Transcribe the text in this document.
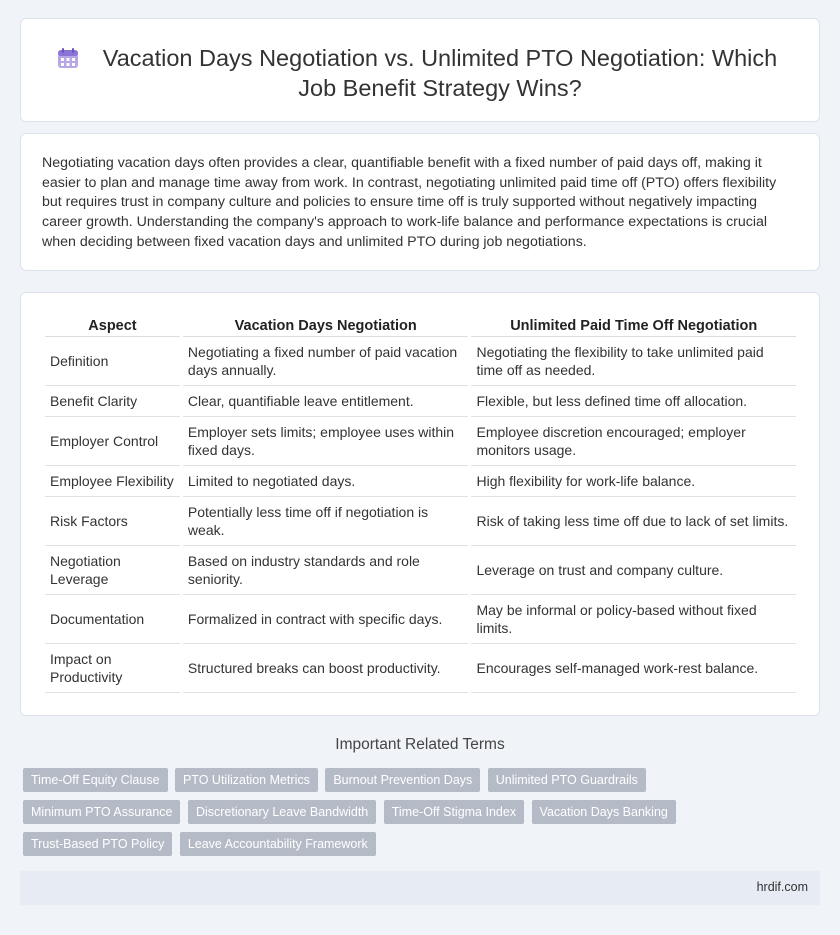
Vacation Days Negotiation vs. Unlimited PTO Negotiation: Which Job Benefit Strategy Wins?

Negotiating vacation days often provides a clear, quantifiable benefit with a fixed number of paid days off, making it easier to plan and manage time away from work. In contrast, negotiating unlimited paid time off (PTO) offers flexibility but requires trust in company culture and policies to ensure time off is truly supported without negatively impacting career growth. Understanding the company's approach to work-life balance and performance expectations is crucial when deciding between fixed vacation days and unlimited PTO during job negotiations.

Aspect	Vacation Days Negotiation	Unlimited Paid Time Off Negotiation
Definition	Negotiating a fixed number of paid vacation days annually.	Negotiating the flexibility to take unlimited paid time off as needed.
Benefit Clarity	Clear, quantifiable leave entitlement.	Flexible, but less defined time off allocation.
Employer Control	Employer sets limits; employee uses within fixed days.	Employee discretion encouraged; employer monitors usage.
Employee Flexibility	Limited to negotiated days.	High flexibility for work-life balance.
Risk Factors	Potentially less time off if negotiation is weak.	Risk of taking less time off due to lack of set limits.
Negotiation Leverage	Based on industry standards and role seniority.	Leverage on trust and company culture.
Documentation	Formalized in contract with specific days.	May be informal or policy-based without fixed limits.
Impact on Productivity	Structured breaks can boost productivity.	Encourages self-managed work-rest balance.
Important Related Terms
Time-Off Equity Clause PTO Utilization Metrics Burnout Prevention Days Unlimited PTO Guardrails Minimum PTO Assurance Discretionary Leave Bandwidth Time-Off Stigma Index Vacation Days Banking Trust-Based PTO Policy Leave Accountability Framework
hrdif.com
